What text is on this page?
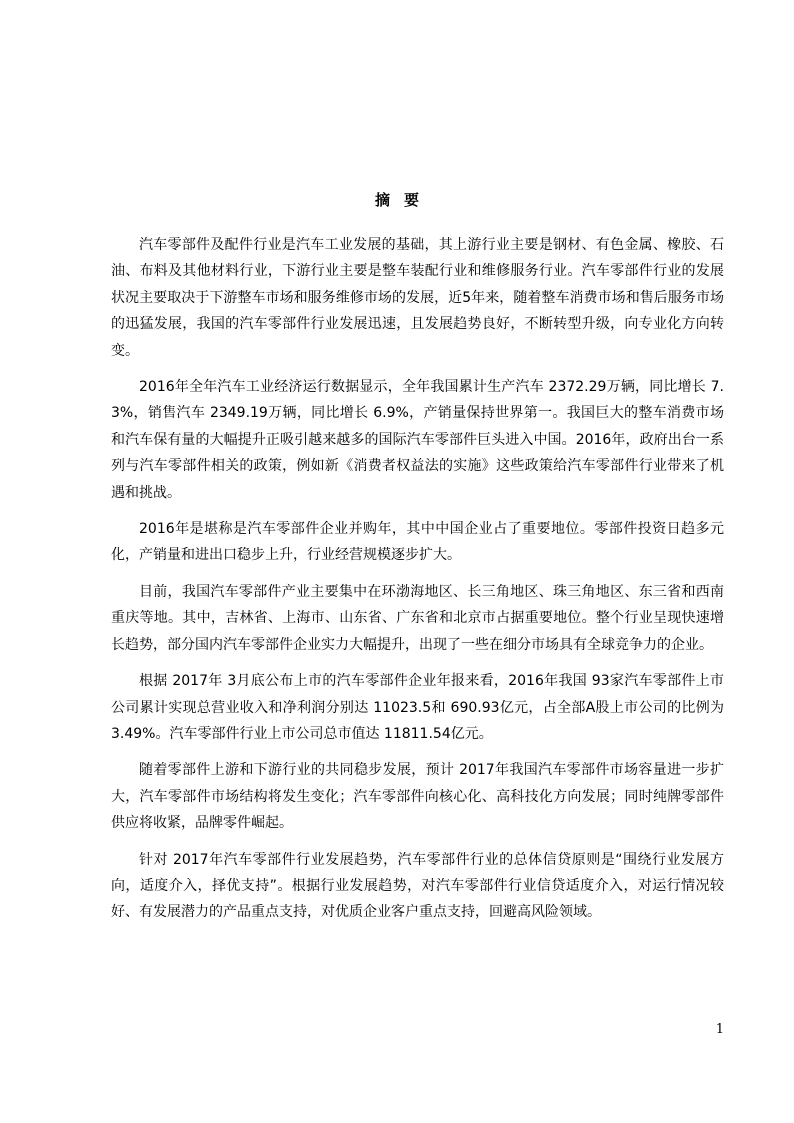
摘要

汽车零部件及配件行业是汽车工业发展的基础，其上游行业主要是钢材、有色金属、橡胶、石油、布料及其他材料行业，下游行业主要是整车装配行业和维修服务行业。汽车零部件行业的发展状况主要取决于下游整车市场和服务维修市场的发展，近5年来，随着整车消费市场和售后服务市场的迅猛发展，我国的汽车零部件行业发展迅速，且发展趋势良好，不断转型升级，向专业化方向转变。

2016年全年汽车工业经济运行数据显示，全年我国累计生产汽车 2372.29万辆，同比增长 7.3%，销售汽车 2349.19万辆，同比增长 6.9%，产销量保持世界第一。我国巨大的整车消费市场和汽车保有量的大幅提升正吸引越来越多的国际汽车零部件巨头进入中国。2016年，政府出台一系列与汽车零部件相关的政策，例如新《消费者权益法的实施》这些政策给汽车零部件行业带来了机遇和挑战。

2016年是堪称是汽车零部件企业并购年，其中中国企业占了重要地位。零部件投资日趋多元化，产销量和进出口稳步上升，行业经营规模逐步扩大。

目前，我国汽车零部件产业主要集中在环渤海地区、长三角地区、珠三角地区、东三省和西南重庆等地。其中，吉林省、上海市、山东省、广东省和北京市占据重要地位。整个行业呈现快速增长趋势，部分国内汽车零部件企业实力大幅提升，出现了一些在细分市场具有全球竞争力的企业。

根据 2017年 3月底公布上市的汽车零部件企业年报来看，2016年我国 93家汽车零部件上市公司累计实现总营业收入和净利润分别达 11023.5和 690.93亿元，占全部A股上市公司的比例为 3.49%。汽车零部件行业上市公司总市值达 11811.54亿元。

随着零部件上游和下游行业的共同稳步发展，预计 2017年我国汽车零部件市场容量进一步扩大，汽车零部件市场结构将发生变化；汽车零部件向核心化、高科技化方向发展；同时纯牌零部件供应将收紧，品牌零件崛起。

针对 2017年汽车零部件行业发展趋势，汽车零部件行业的总体信贷原则是“围绕行业发展方向，适度介入，择优支持”。根据行业发展趋势，对汽车零部件行业信贷适度介入，对运行情况较好、有发展潜力的产品重点支持，对优质企业客户重点支持，回避高风险领域。

1
